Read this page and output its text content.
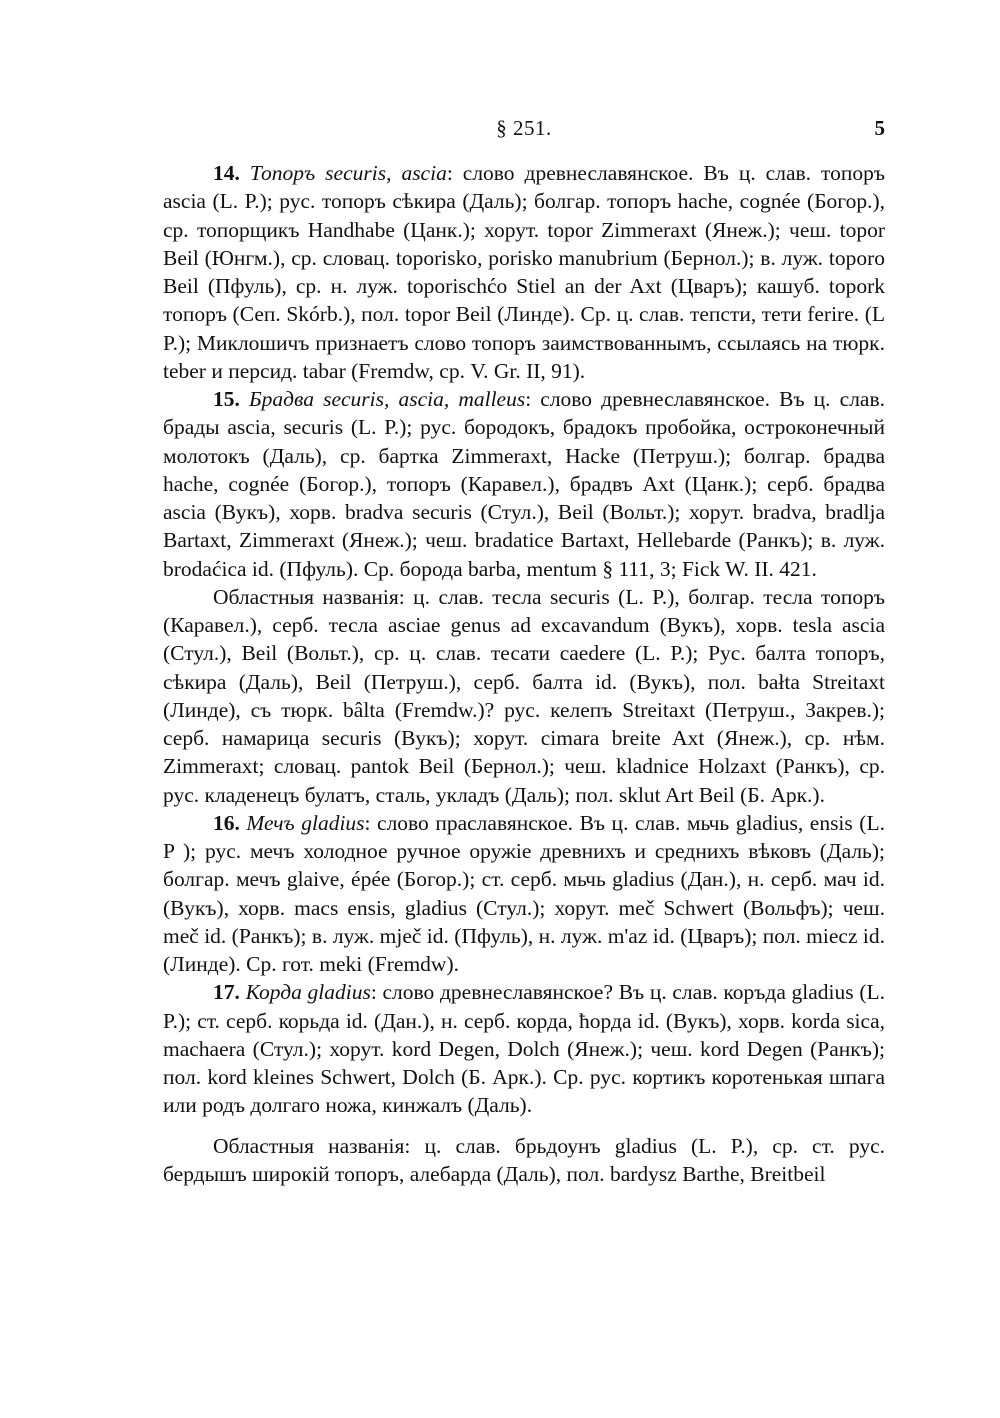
§ 251.	5

14. Топоръ securis, ascia: слово древнеславянское. Въ ц. слав. топоръ ascia (L. P.); рус. топоръ сѣкира (Даль); болгар. топоръ hache, cognée (Богор.), ср. топорщикъ Handhabe (Цанк.); хорут. topor Zimmeraxt (Янеж.); чеш. topor Beil (Юнгм.), ср. словац. toporisko, porisko manubrium (Бернол.); в. луж. toporo Beil (Пфуль), ср. н. луж. toporischćo Stiel an der Axt (Цваръ); кашуб. topork топоръ (Сеп. Skórb.), пол. topor Beil (Линде). Ср. ц. слав. тепсти, тети ferire. (L P.); Миклошичъ признаетъ слово топоръ заимствованнымъ, ссылаясь на тюрк. teber и персид. tabar (Fremdw, ср. V. Gr. II, 91).

15. Брадва securis, ascia, malleus: слово древнеславянское. Въ ц. слав. брады ascia, securis (L. P.); рус. бородокъ, брадокъ пробойка, остроконечный молотокъ (Даль), ср. бартка Zimmeraxt, Hacke (Петруш.); болгар. брадва hache, cognée (Богор.), топоръ (Каравел.), брадвъ Axt (Цанк.); серб. брадва ascia (Вукъ), хорв. bradva securis (Стул.), Beil (Вольт.); хорут. bradva, bradlja Bartaxt, Zimmeraxt (Янеж.); чеш. bradatice Bartaxt, Hellebarde (Ранкъ); в. луж. brodaćica id. (Пфуль). Ср. борода barba, mentum § 111, 3; Fick W. II. 421.

Областныя названія: ц. слав. тесла securis (L. P.), болгар. тесла топоръ (Каравел.), серб. тесла asciae genus ad excavandum (Вукъ), хорв. tesla ascia (Стул.), Beil (Вольт.), ср. ц. слав. тесати caedere (L. P.); Рус. балта топоръ, сѣкира (Даль), Beil (Петруш.), серб. балта id. (Вукъ), пол. bałta Streitaxt (Линде), съ тюрк. bâlta (Fremdw.)? рус. келепъ Streitaxt (Петруш., Закрев.); серб. намарица securis (Вукъ); хорут. cimara breite Axt (Янеж.), ср. нѣм. Zimmeraxt; словац. pantok Beil (Бернол.); чеш. kladnice Holzaxt (Ранкъ), ср. рус. кладенецъ булатъ, сталь, укладъ (Даль); пол. sklut Art Beil (Б. Арк.).

16. Мечъ gladius: слово праславянское. Въ ц. слав. мьчь gladius, ensis (L. P ); рус. мечъ холодное ручное оружіе древнихъ и среднихъ вѣковъ (Даль); болгар. мечъ glaive, épée (Богор.); ст. серб. мьчь gladius (Дан.), н. серб. мач id. (Вукъ), хорв. macs ensis, gladius (Стул.); хорут. meč Schwert (Вольфъ); чеш. meč id. (Ранкъ); в. луж. mječ id. (Пфуль), н. луж. m'az id. (Цваръ); пол. miecz id. (Линде). Ср. гот. meki (Fremdw).

17. Корда gladius: слово древнеславянское? Въ ц. слав. коръда gladius (L. P.); ст. серб. корьда id. (Дан.), н. серб. корда, ћорда id. (Вукъ), хорв. korda sica, machaera (Стул.); хорут. kord Degen, Dolch (Янеж.); чеш. kord Degen (Ранкъ); пол. kord kleines Schwert, Dolch (Б. Арк.). Ср. рус. кортикъ коротенькая шпага или родъ долгаго ножа, кинжалъ (Даль).

Областныя названія: ц. слав. брьдоунъ gladius (L. P.), ср. ст. рус. бердышъ широкій топоръ, алебарда (Даль), пол. bardysz Barthe, Breitbeil
